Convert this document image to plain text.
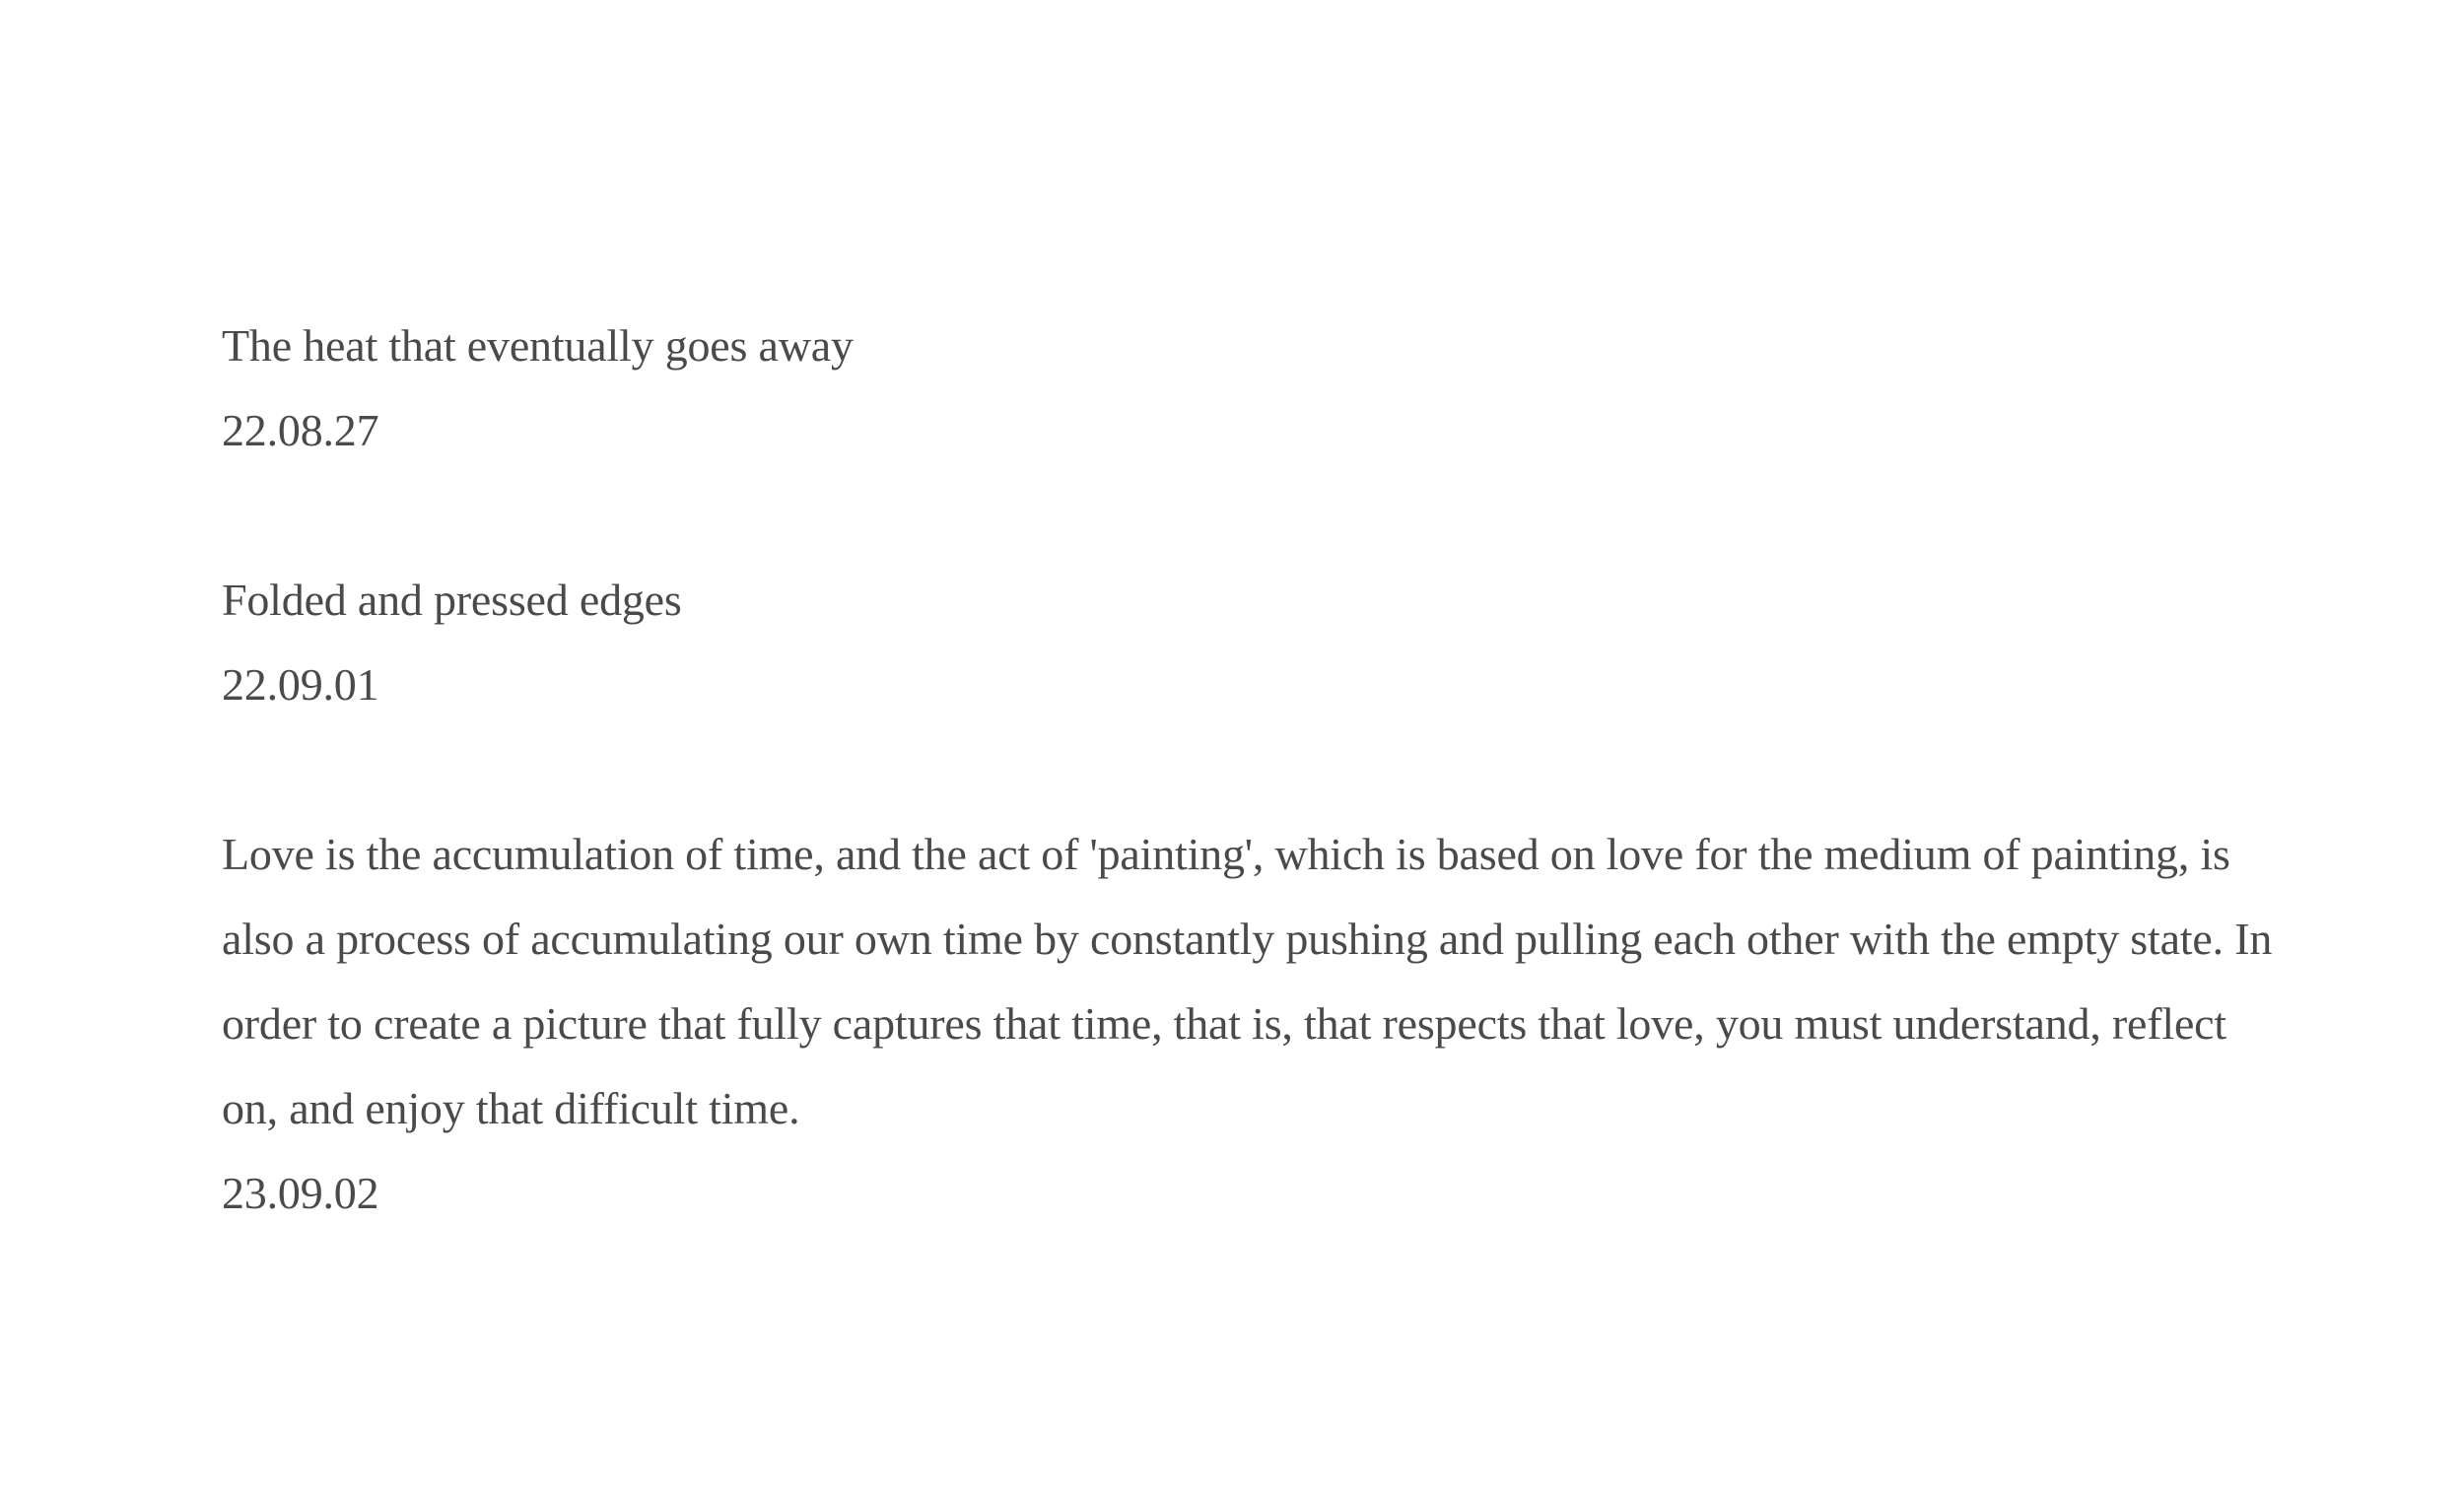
The heat that eventually goes away

22.08.27

Folded and pressed edges

22.09.01

Love is the accumulation of time, and the act of 'painting', which is based on love for the medium of painting, is also a process of accumulating our own time by constantly pushing and pulling each other with the empty state. In order to create a picture that fully captures that time, that is, that respects that love, you must understand, reflect on, and enjoy that difficult time.

23.09.02
